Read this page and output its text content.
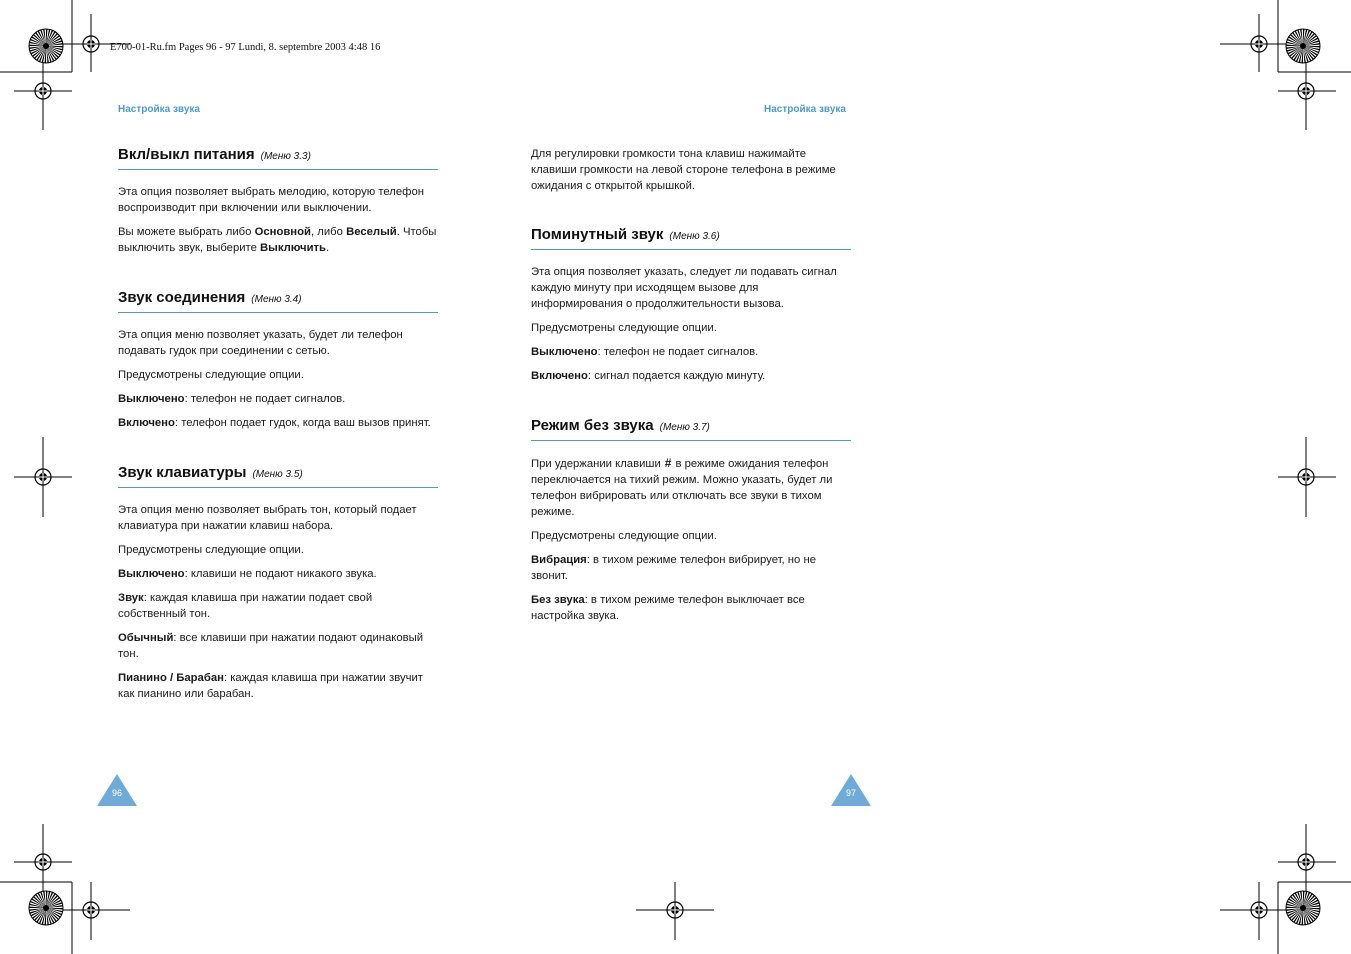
E700-01-Ru.fm Pages 96 - 97 Lundi, 8. septembre 2003 4:48 16
Настройка звука	Настройка звука
Вкл/выкл питания (Меню 3.3)

Эта опция позволяет выбрать мелодию, которую телефон воспроизводит при включении или выключении.

Вы можете выбрать либо Основной, либо Веселый. Чтобы выключить звук, выберите Выключить.

Звук соединения (Меню 3.4)

Эта опция меню позволяет указать, будет ли телефон подавать гудок при соединении с сетью.

Предусмотрены следующие опции.

Выключено: телефон не подает сигналов.

Включено: телефон подает гудок, когда ваш вызов принят.

Звук клавиатуры (Меню 3.5)

Эта опция меню позволяет выбрать тон, который подает клавиатура при нажатии клавиш набора.

Предусмотрены следующие опции.

Выключено: клавиши не подают никакого звука.

Звук: каждая клавиша при нажатии подает свой собственный тон.

Обычный: все клавиши при нажатии подают одинаковый тон.

Пианино / Барабан: каждая клавиша при нажатии звучит как пианино или барабан.

Для регулировки громкости тона клавиш нажимайте клавиши громкости на левой стороне телефона в режиме ожидания с открытой крышкой.

Поминутный звук (Меню 3.6)

Эта опция позволяет указать, следует ли подавать сигнал каждую минуту при исходящем вызове для информирования о продолжительности вызова.

Предусмотрены следующие опции.

Выключено: телефон не подает сигналов.

Включено: сигнал подается каждую минуту.

Режим без звука (Меню 3.7)

При удержании клавиши # в режиме ожидания телефон переключается на тихий режим. Можно указать, будет ли телефон вибрировать или отключать все звуки в тихом режиме.

Предусмотрены следующие опции.

Вибрация: в тихом режиме телефон вибрирует, но не звонит.

Без звука: в тихом режиме телефон выключает все настройка звука.

96	97
